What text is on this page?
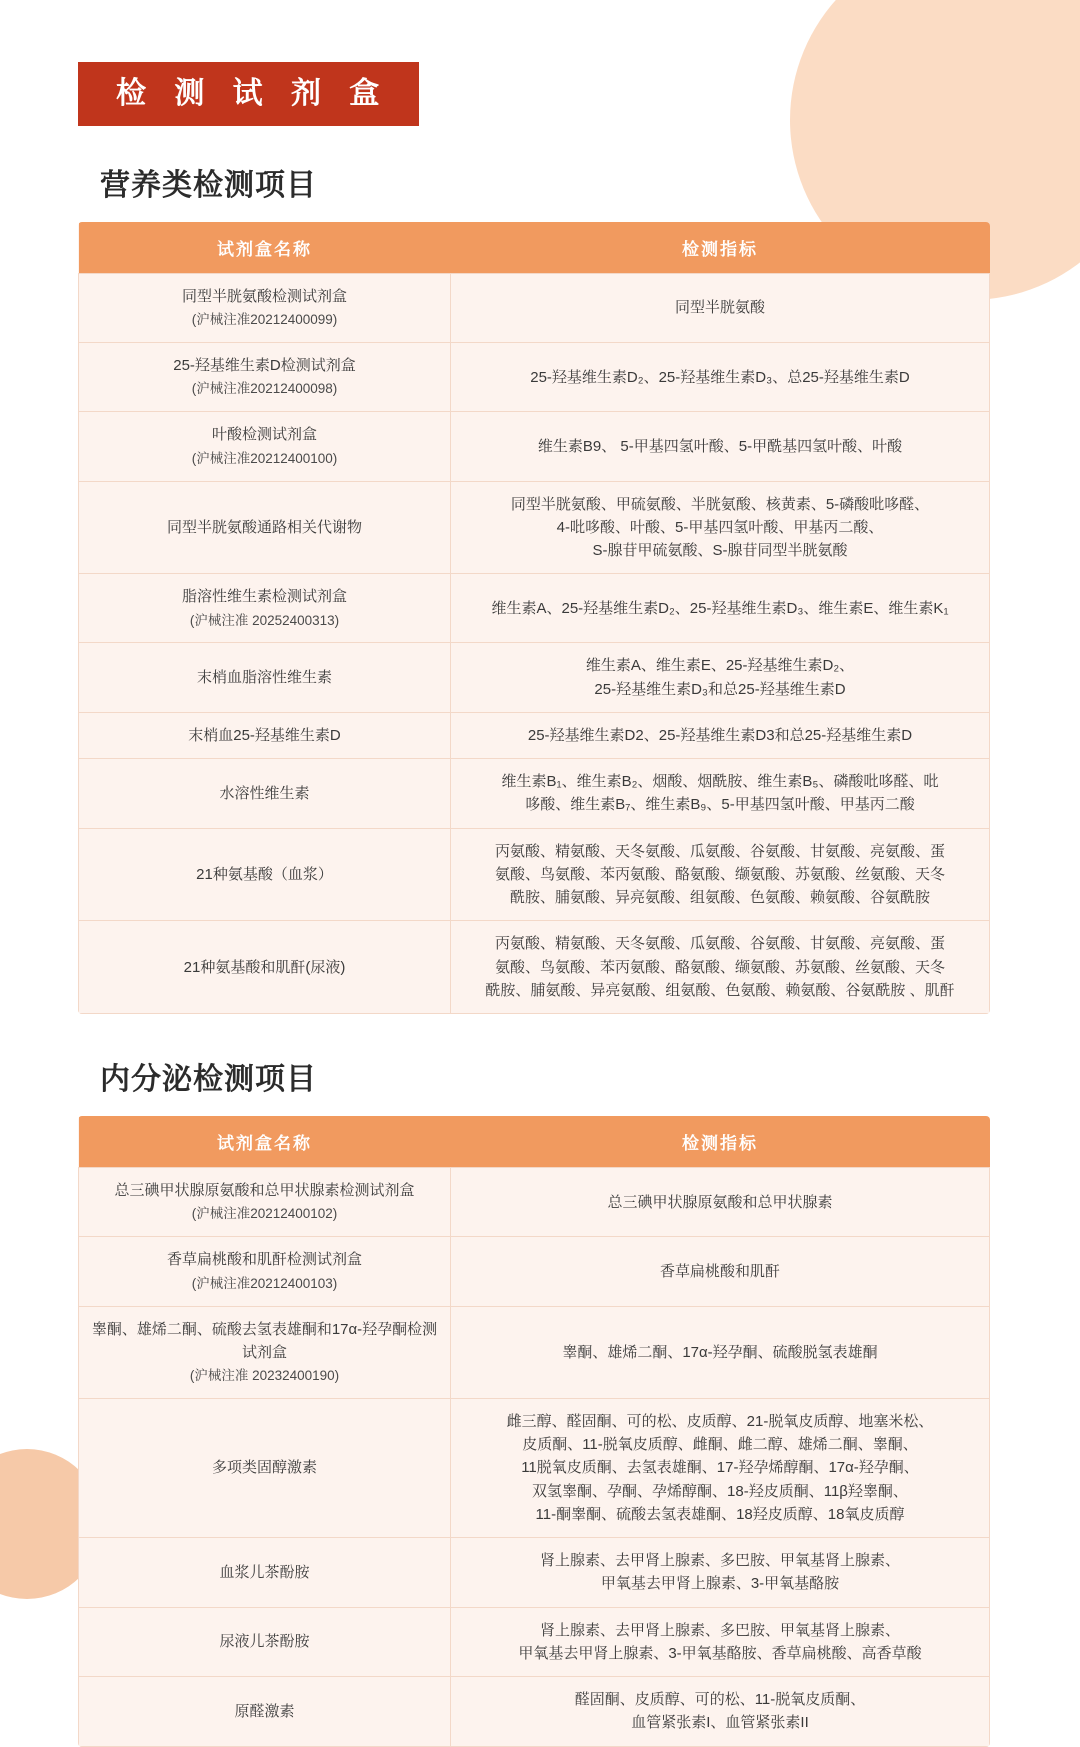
检 测 试 剂 盒
营养类检测项目
试剂盒名称	检测指标
同型半胱氨酸检测试剂盒
(沪械注准20212400099)	同型半胱氨酸
25-羟基维生素D检测试剂盒
(沪械注准20212400098)	25-羟基维生素D₂、25-羟基维生素D₃、总25-羟基维生素D
叶酸检测试剂盒
(沪械注准20212400100)	维生素B9、 5-甲基四氢叶酸、5-甲酰基四氢叶酸、叶酸
同型半胱氨酸通路相关代谢物	同型半胱氨酸、甲硫氨酸、半胱氨酸、核黄素、5-磷酸吡哆醛、
4-吡哆酸、叶酸、5-甲基四氢叶酸、甲基丙二酸、
S-腺苷甲硫氨酸、S-腺苷同型半胱氨酸
脂溶性维生素检测试剂盒
(沪械注准 20252400313)	维生素A、25-羟基维生素D₂、25-羟基维生素D₃、维生素E、维生素K₁
末梢血脂溶性维生素	维生素A、维生素E、25-羟基维生素D₂、
25-羟基维生素D₃和总25-羟基维生素D
末梢血25-羟基维生素D	25-羟基维生素D2、25-羟基维生素D3和总25-羟基维生素D
水溶性维生素	维生素B₁、维生素B₂、烟酸、烟酰胺、维生素B₅、磷酸吡哆醛、吡
哆酸、维生素B₇、维生素B₉、5-甲基四氢叶酸、甲基丙二酸
21种氨基酸（血浆）	丙氨酸、精氨酸、天冬氨酸、瓜氨酸、谷氨酸、甘氨酸、亮氨酸、蛋
氨酸、鸟氨酸、苯丙氨酸、酪氨酸、缬氨酸、苏氨酸、丝氨酸、天冬
酰胺、脯氨酸、异亮氨酸、组氨酸、色氨酸、赖氨酸、谷氨酰胺
21种氨基酸和肌酐(尿液)	丙氨酸、精氨酸、天冬氨酸、瓜氨酸、谷氨酸、甘氨酸、亮氨酸、蛋
氨酸、鸟氨酸、苯丙氨酸、酪氨酸、缬氨酸、苏氨酸、丝氨酸、天冬
酰胺、脯氨酸、异亮氨酸、组氨酸、色氨酸、赖氨酸、谷氨酰胺 、肌酐
内分泌检测项目
试剂盒名称	检测指标
总三碘甲状腺原氨酸和总甲状腺素检测试剂盒
(沪械注准20212400102)	总三碘甲状腺原氨酸和总甲状腺素
香草扁桃酸和肌酐检测试剂盒
(沪械注准20212400103)	香草扁桃酸和肌酐
睾酮、雄烯二酮、硫酸去氢表雄酮和17α-羟孕酮检测试剂盒
(沪械注准 20232400190)	睾酮、雄烯二酮、17α-羟孕酮、硫酸脱氢表雄酮
多项类固醇激素	雌三醇、醛固酮、可的松、皮质醇、21-脱氧皮质醇、地塞米松、
皮质酮、11-脱氧皮质醇、雌酮、雌二醇、雄烯二酮、睾酮、
11脱氧皮质酮、去氢表雄酮、17-羟孕烯醇酮、17α-羟孕酮、
双氢睾酮、孕酮、孕烯醇酮、18-羟皮质酮、11β羟睾酮、
11-酮睾酮、硫酸去氢表雄酮、18羟皮质醇、18氧皮质醇
血浆儿茶酚胺	肾上腺素、去甲肾上腺素、多巴胺、甲氧基肾上腺素、
甲氧基去甲肾上腺素、3-甲氧基酪胺
尿液儿茶酚胺	肾上腺素、去甲肾上腺素、多巴胺、甲氧基肾上腺素、
甲氧基去甲肾上腺素、3-甲氧基酪胺、香草扁桃酸、高香草酸
原醛激素	醛固酮、皮质醇、可的松、11-脱氧皮质酮、
血管紧张素I、血管紧张素II
